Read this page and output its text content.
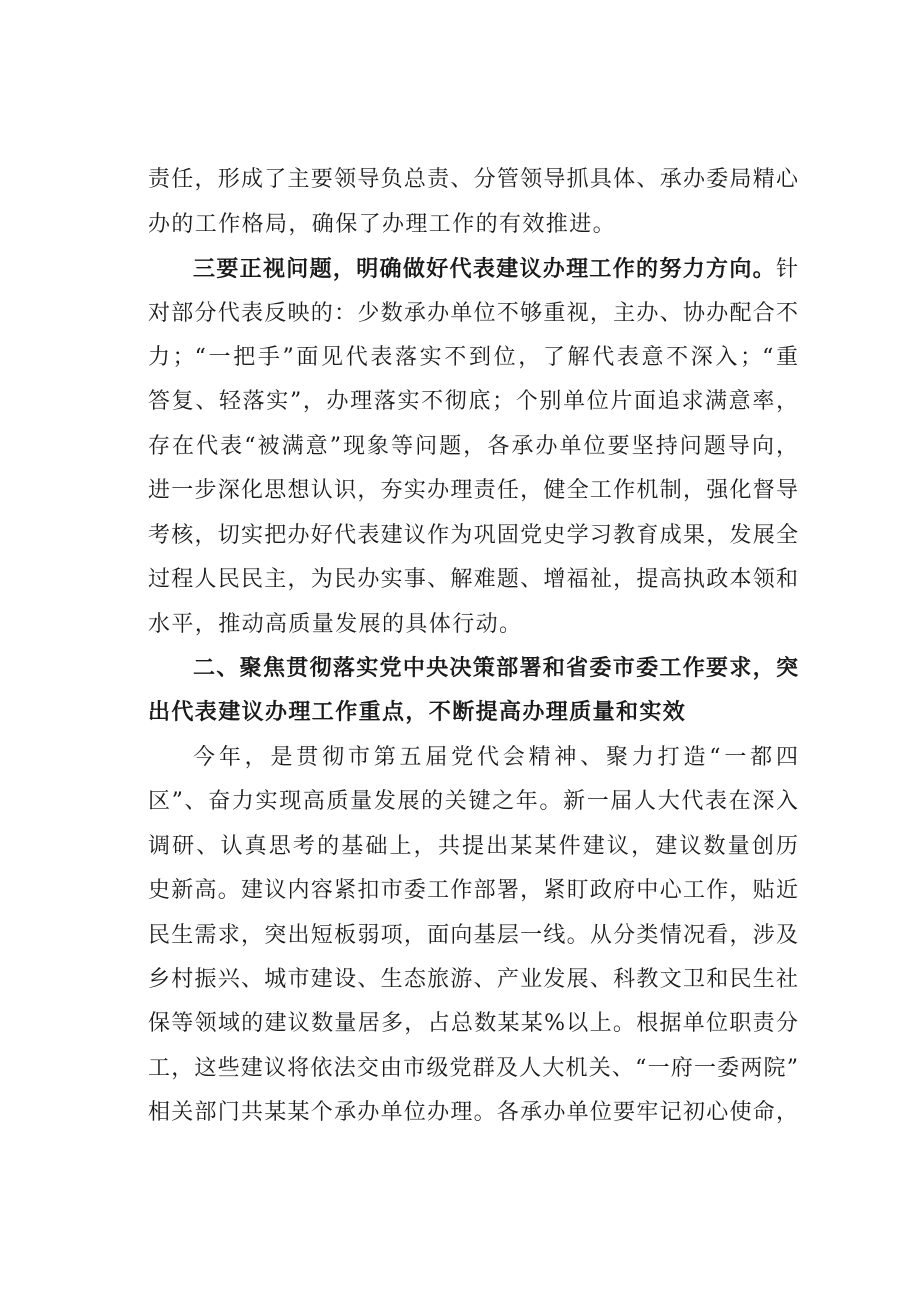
责任，形成了主要领导负总责、分管领导抓具体、承办委局精心
办的工作格局，确保了办理工作的有效推进。
三要正视问题，明确做好代表建议办理工作的努力方向。针
对部分代表反映的：少数承办单位不够重视，主办、协办配合不
力；“一把手”面见代表落实不到位，了解代表意不深入；“重
答复、轻落实”，办理落实不彻底；个别单位片面追求满意率，
存在代表“被满意”现象等问题，各承办单位要坚持问题导向，
进一步深化思想认识，夯实办理责任，健全工作机制，强化督导
考核，切实把办好代表建议作为巩固党史学习教育成果，发展全
过程人民民主，为民办实事、解难题、增福祉，提高执政本领和
水平，推动高质量发展的具体行动。
二、聚焦贯彻落实党中央决策部署和省委市委工作要求，突
出代表建议办理工作重点，不断提高办理质量和实效
今年，是贯彻市第五届党代会精神、聚力打造“一都四
区”、奋力实现高质量发展的关键之年。新一届人大代表在深入
调研、认真思考的基础上，共提出某某件建议，建议数量创历
史新高。建议内容紧扣市委工作部署，紧盯政府中心工作，贴近
民生需求，突出短板弱项，面向基层一线。从分类情况看，涉及
乡村振兴、城市建设、生态旅游、产业发展、科教文卫和民生社
保等领域的建议数量居多，占总数某某%以上。根据单位职责分
工，这些建议将依法交由市级党群及人大机关、“一府一委两院”
相关部门共某某个承办单位办理。各承办单位要牢记初心使命，
